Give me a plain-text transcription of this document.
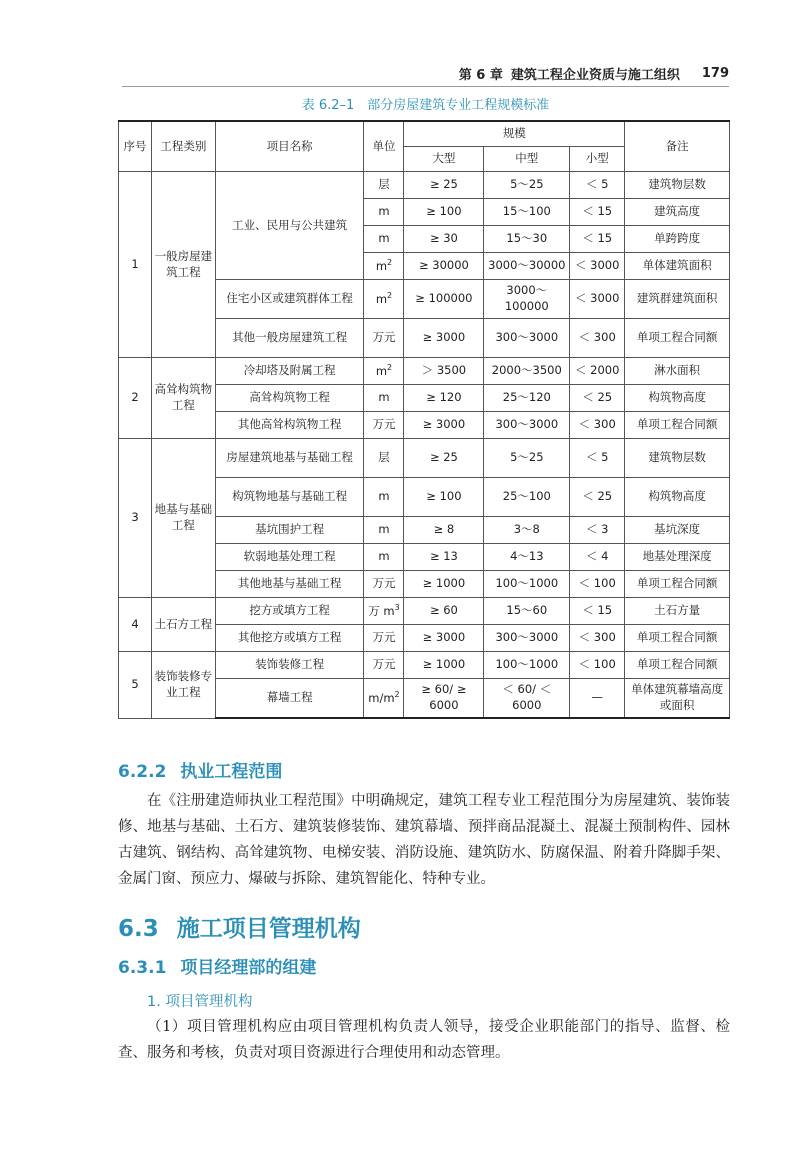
第 6 章 建筑工程企业资质与施工组织 179
表 6.2–1　部分房屋建筑专业工程规模标准
序号	工程类别	项目名称	单位	规模			备注
				大型	中型	小型	
1	一般房屋建筑工程	工业、民用与公共建筑	层	≥ 25	5～25	＜ 5	建筑物层数
			m	≥ 100	15～100	＜ 15	建筑高度
			m	≥ 30	15～30	＜ 15	单跨跨度
			$m^2$	≥ 30000	3000～30000	＜ 3000	单体建筑面积
		住宅小区或建筑群体工程	$m^2$	≥ 100000	3000～100000	＜ 3000	建筑群建筑面积
		其他一般房屋建筑工程	万元	≥ 3000	300～3000	＜ 300	单项工程合同额
2	高耸构筑物工程	冷却塔及附属工程	$m^2$	＞ 3500	2000～3500	＜ 2000	淋水面积
		高耸构筑物工程	m	≥ 120	25～120	＜ 25	构筑物高度
		其他高耸构筑物工程	万元	≥ 3000	300～3000	＜ 300	单项工程合同额
3	地基与基础工程	房屋建筑地基与基础工程	层	≥ 25	5～25	＜ 5	建筑物层数
		构筑物地基与基础工程	m	≥ 100	25～100	＜ 25	构筑物高度
		基坑围护工程	m	≥ 8	3～8	＜ 3	基坑深度
		软弱地基处理工程	m	≥ 13	4～13	＜ 4	地基处理深度
		其他地基与基础工程	万元	≥ 1000	100～1000	＜ 100	单项工程合同额
4	土石方工程	挖方或填方工程	万 $m^3$	≥ 60	15～60	＜ 15	土石方量
		其他挖方或填方工程	万元	≥ 3000	300～3000	＜ 300	单项工程合同额
5	装饰装修专业工程	装饰装修工程	万元	≥ 1000	100～1000	＜ 100	单项工程合同额
		幕墙工程	$m/m^2$	≥ 60/ ≥ 6000	＜ 60/ ＜ 6000	—	单体建筑幕墙高度或面积
6.2.2 执业工程范围

在《注册建造师执业工程范围》中明确规定，建筑工程专业工程范围分为房屋建筑、装饰装修、地基与基础、土石方、建筑装修装饰、建筑幕墙、预拌商品混凝土、混凝土预制构件、园林古建筑、钢结构、高耸建筑物、电梯安装、消防设施、建筑防水、防腐保温、附着升降脚手架、金属门窗、预应力、爆破与拆除、建筑智能化、特种专业。

6.3 施工项目管理机构
6.3.1 项目经理部的组建
1. 项目管理机构

（1）项目管理机构应由项目管理机构负责人领导，接受企业职能部门的指导、监督、检查、服务和考核，负责对项目资源进行合理使用和动态管理。
